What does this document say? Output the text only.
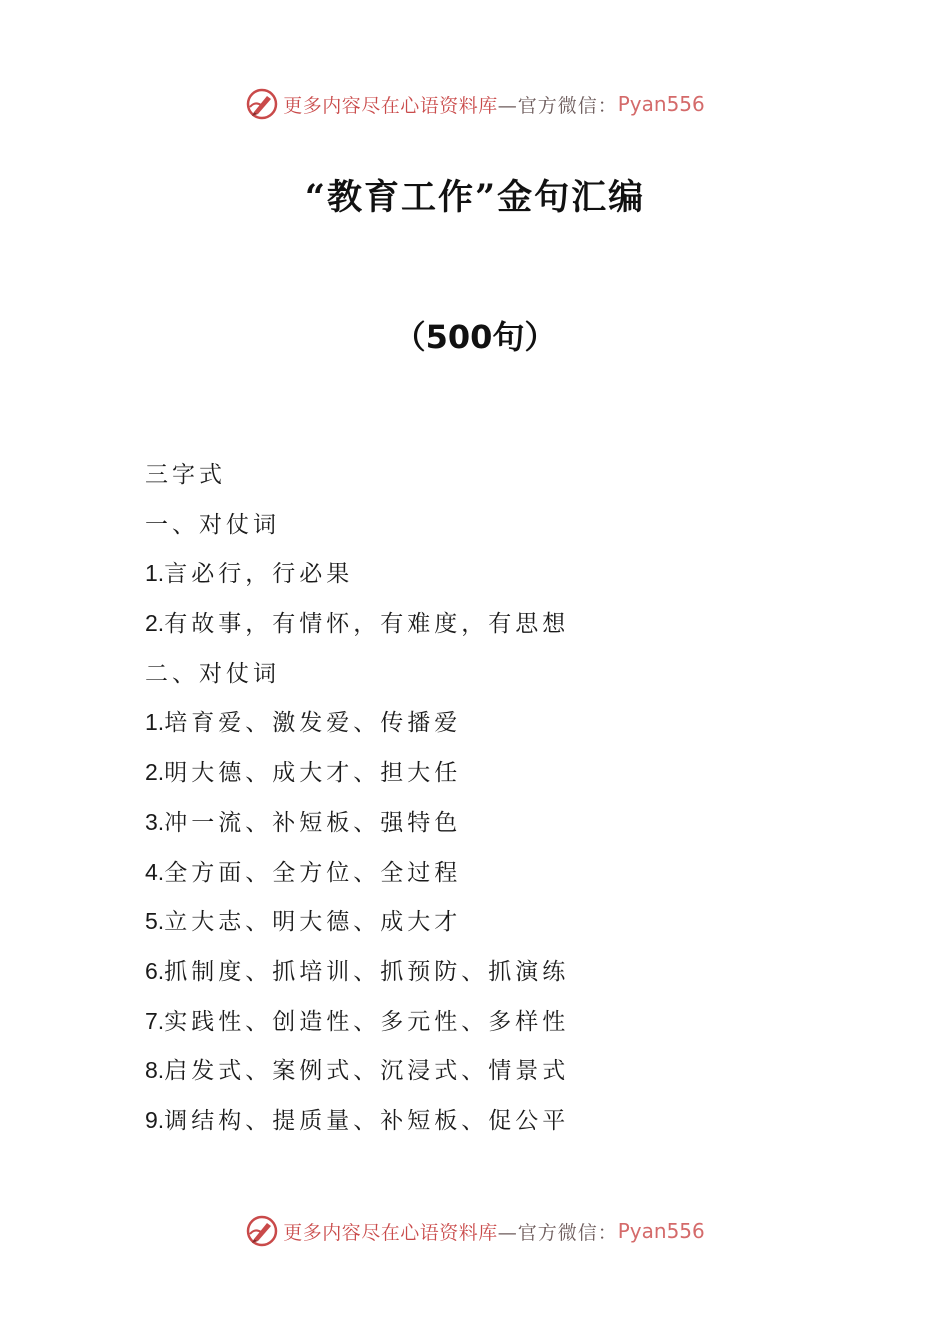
更多内容尽在心语资料库 —官方微信： Pyan556
“教育工作”金句汇编
（500句）
三字式
一、对仗词
1.言必行，行必果
2.有故事，有情怀，有难度，有思想
二、对仗词
1.培育爱、激发爱、传播爱
2.明大德、成大才、担大任
3.冲一流、补短板、强特色
4.全方面、全方位、全过程
5.立大志、明大德、成大才
6.抓制度、抓培训、抓预防、抓演练
7.实践性、创造性、多元性、多样性
8.启发式、案例式、沉浸式、情景式
9.调结构、提质量、补短板、促公平
更多内容尽在心语资料库 —官方微信： Pyan556
